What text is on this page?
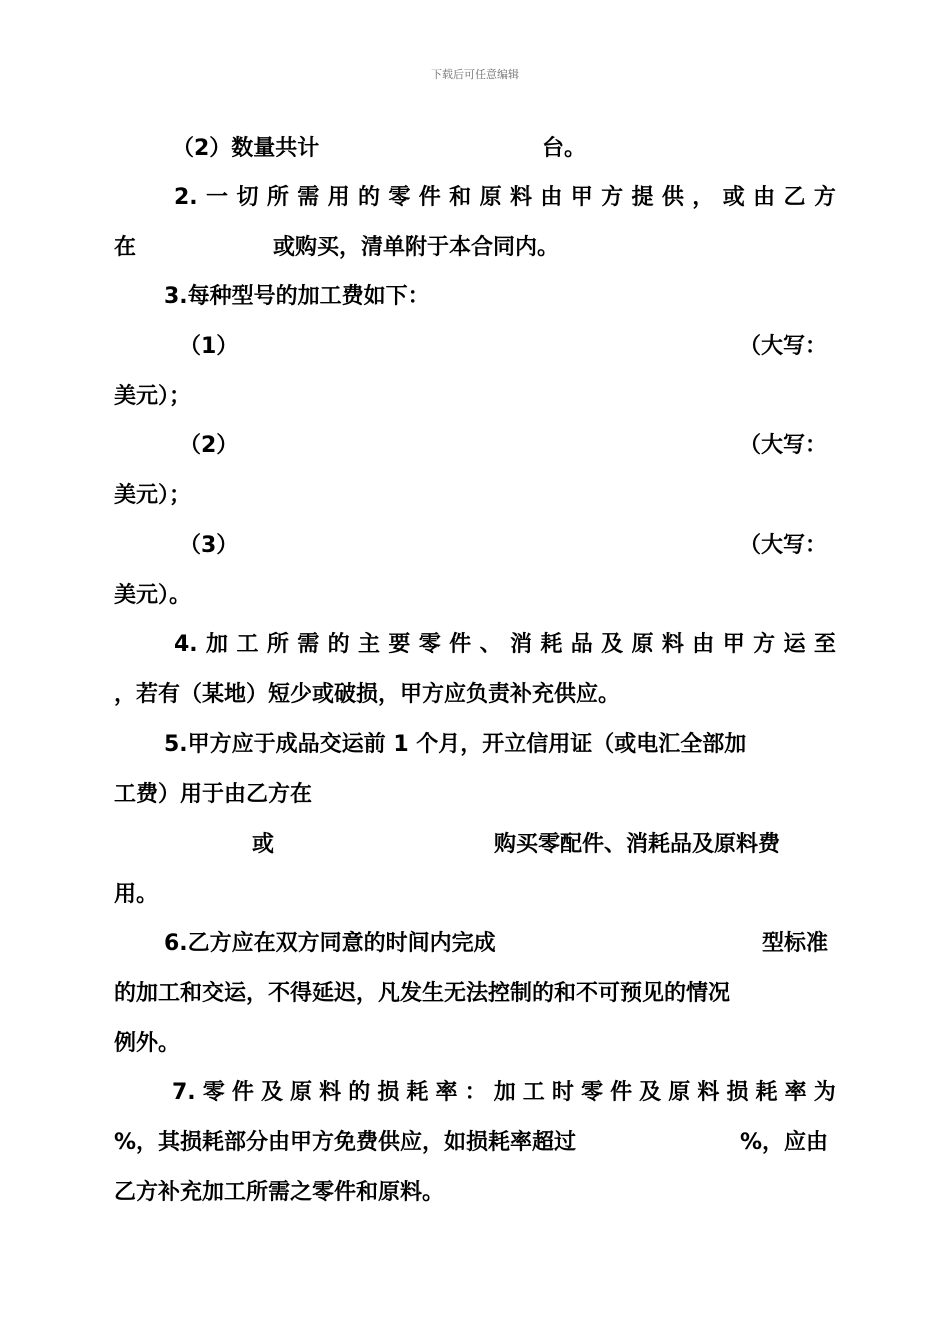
下载后可任意编辑
（2）数量共计	台。
2. 一 切 所 需 用 的 零 件 和 原 料 由 甲 方 提 供 ， 或 由 乙 方
在	或购买，清单附于本合同内。
3.每种型号的加工费如下：
（1）	（大写：
美元）；
（2）	（大写：
美元）；
（3）	（大写：
美元）。
4. 加 工 所 需 的 主 要 零 件 、 消 耗 品 及 原 料 由 甲 方 运 至
，若有（某地）短少或破损，甲方应负责补充供应。
5.甲方应于成品交运前 1 个月，开立信用证（或电汇全部加
工费）用于由乙方在
或	购买零配件、消耗品及原料费
用。
6.乙方应在双方同意的时间内完成	型标准
的加工和交运，不得延迟，凡发生无法控制的和不可预见的情况
例外。
7. 零 件 及 原 料 的 损 耗 率 ： 加 工 时 零 件 及 原 料 损 耗 率 为
%，其损耗部分由甲方免费供应，如损耗率超过	%，应由
乙方补充加工所需之零件和原料。
